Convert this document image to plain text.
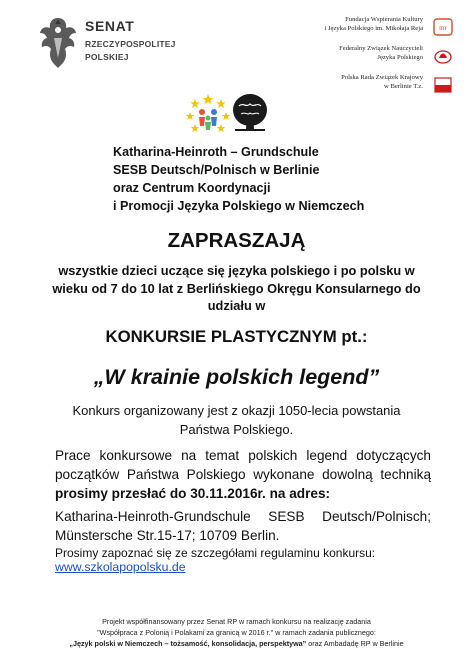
SENAT
RZECZYPOSPOLITEJ
POLSKIEJ
Fundacja Wspierania Kultury
i Języka Polskiego im. Mikołaja Reja mr
Federalny Związek Nauczycieli
Języka Polskiego
Polska Rada Związek Krajowy
w Berlinie T.z.
Katharina-Heinroth – Grundschule
SESB Deutsch/Polnisch w Berlinie
oraz Centrum Koordynacji
i Promocji Języka Polskiego w Niemczech
ZAPRASZAJĄ
wszystkie dzieci uczące się języka polskiego i po polsku w wieku od 7 do 10 lat z Berlińskiego Okręgu Konsularnego do udziału w
KONKURSIE PLASTYCZNYM pt.:
„W krainie polskich legend”
Konkurs organizowany jest z okazji 1050-lecia powstania Państwa Polskiego.
Prace konkursowe na temat polskich legend dotyczących początków Państwa Polskiego wykonane dowolną techniką prosimy przesłać do 30.11.2016r. na adres:
Katharina-Heinroth-Grundschule SESB Deutsch/Polnisch;
Münstersche Str.15-17; 10709 Berlin.
Prosimy zapoznać się ze szczegółami regulaminu konkursu:
www.szkolapopolsku.de
Projekt współfinansowany przez Senat RP w ramach konkursu na realizację zadania
"Współpraca z Polonią i Polakami za granicą w 2016 r." w ramach zadania publicznego:
„Język polski w Niemczech – tożsamość, konsolidacja, perspektywa” oraz Ambadadę RP w Berlinie
